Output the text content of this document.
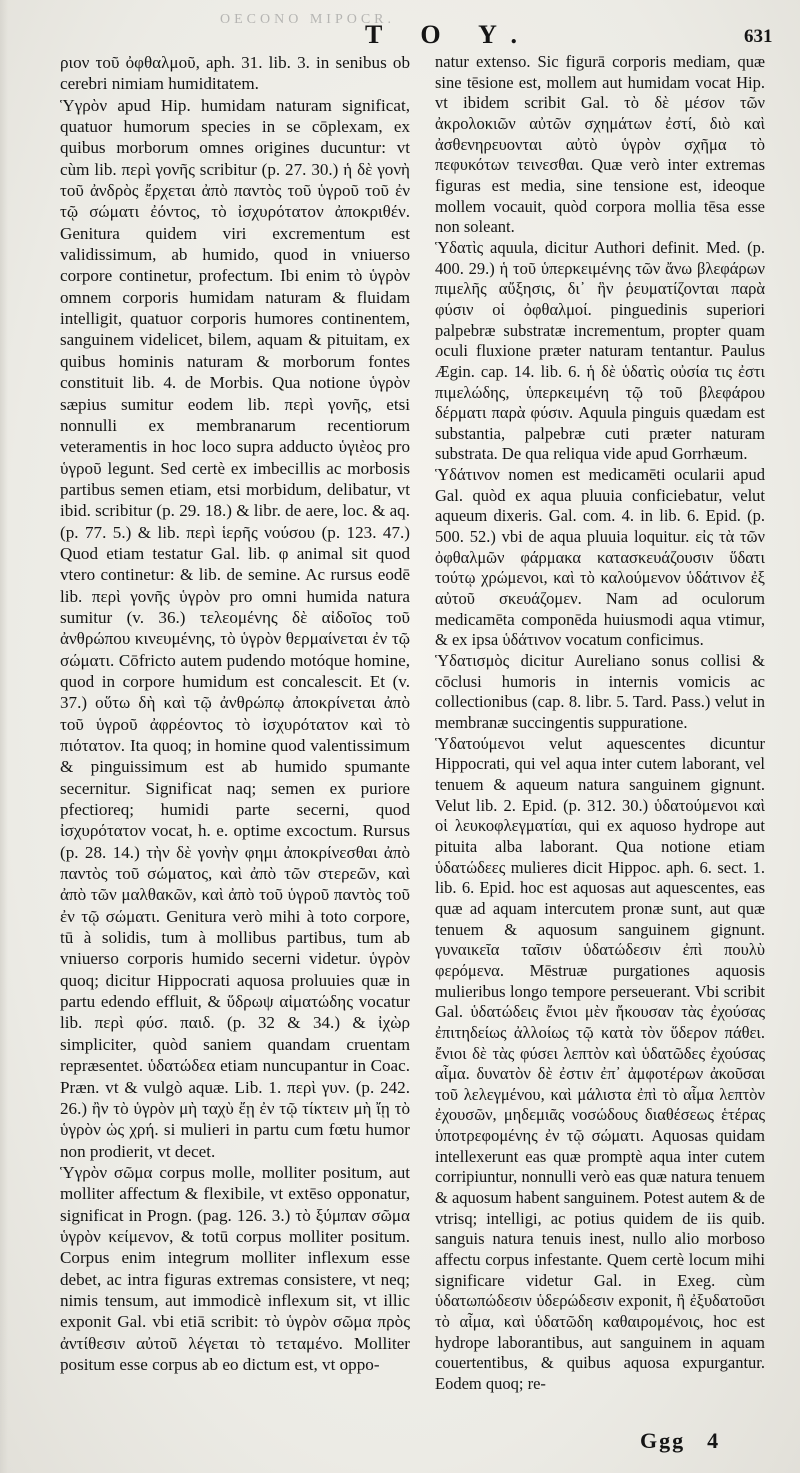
OECONO MIPOCR.
T O Y.	631

ριον τοῦ ὀφθαλμοῦ, aph. 31. lib. 3. in senibus ob cerebri nimiam humiditatem.

Ὑγρὸν apud Hip. humidam naturam significat, quatuor humorum species in se cōplexam, ex quibus morborum omnes origines ducuntur: vt cùm lib. περὶ γονῆς scribitur (p. 27. 30.) ἡ δὲ γονὴ τοῦ ἀνδρὸς ἔρχεται ἀπὸ παντὸς τοῦ ὑγροῦ τοῦ ἐν τῷ σώματι ἐόντος, τὸ ἰσχυρότατον ἀποκριθέν. Genitura quidem viri excrementum est validissimum, ab humido, quod in vniuerso corpore continetur, profectum. Ibi enim τὸ ὑγρὸν omnem corporis humidam naturam & fluidam intelligit, quatuor corporis humores continentem, sanguinem videlicet, bilem, aquam & pituitam, ex quibus hominis naturam & morborum fontes constituit lib. 4. de Morbis. Qua notione ὑγρὸν sæpius sumitur eodem lib. περὶ γονῆς, etsi nonnulli ex membranarum recentiorum veteramentis in hoc loco supra adducto ὑγιὲος pro ὑγροῦ legunt. Sed certè ex imbecillis ac morbosis partibus semen etiam, etsi morbidum, delibatur, vt ibid. scribitur (p. 29. 18.) & libr. de aere, loc. & aq. (p. 77. 5.) & lib. περὶ ἱερῆς νούσου (p. 123. 47.) Quod etiam testatur Gal. lib. φ animal sit quod vtero continetur: & lib. de semine. Ac rursus eodē lib. περὶ γονῆς ὑγρὸν pro omni humida natura sumitur (v. 36.) τελεομένης δὲ αἰδοῖος τοῦ ἀνθρώπου κινευμένης, τὸ ὑγρὸν θερμαίνεται ἐν τῷ σώματι. Cōfricto autem pudendo motóque homine, quod in corpore humidum est concalescit. Et (v. 37.) οὕτω δὴ καὶ τῷ ἀνθρώπῳ ἀποκρίνεται ἀπὸ τοῦ ὑγροῦ ἀφρέοντος τὸ ἰσχυρότατον καὶ τὸ πιότατον. Ita quoq; in homine quod valentissimum & pinguissimum est ab humido spumante secernitur. Significat naq; semen ex puriore pfectioreq; humidi parte secerni, quod ἰσχυρότατον vocat, h. e. optime excoctum. Rursus (p. 28. 14.) τὴν δὲ γονὴν φημι ἀποκρίνεσθαι ἀπὸ παντὸς τοῦ σώματος, καὶ ἀπὸ τῶν στερεῶν, καὶ ἀπὸ τῶν μαλθακῶν, καὶ ἀπὸ τοῦ ὑγροῦ παντὸς τοῦ ἐν τῷ σώματι. Genitura verò mihi à toto corpore, tū à solidis, tum à mollibus partibus, tum ab vniuerso corporis humido secerni videtur. ὑγρὸν quoq; dicitur Hippocrati aquosa proluuies quæ in partu edendo effluit, & ὕδρωψ αἱματώδης vocatur lib. περὶ φύσ. παιδ. (p. 32 & 34.) & ἰχὼρ simpliciter, quòd saniem quandam cruentam repræsentet. ὑδατώδεα etiam nuncupantur in Coac. Præn. vt & vulgò aquæ. Lib. 1. περὶ γυν. (p. 242. 26.) ἢν τὸ ὑγρὸν μὴ ταχὺ ἔῃ ἐν τῷ τίκτειν μὴ ἴῃ τὸ ὑγρὸν ὡς χρή. si mulieri in partu cum fœtu humor non prodierit, vt decet.

Ὑγρὸν σῶμα corpus molle, molliter positum, aut molliter affectum & flexibile, vt extēso opponatur, significat in Progn. (pag. 126. 3.) τὸ ξύμπαν σῶμα ὑγρὸν κείμενον, & totū corpus molliter positum. Corpus enim integrum molliter inflexum esse debet, ac intra figuras extremas consistere, vt neq; nimis tensum, aut immodicè inflexum sit, vt illic exponit Gal. vbi etiā scribit: τὸ ὑγρὸν σῶμα πρὸς ἀντίθεσιν αὐτοῦ λέγεται τὸ τεταμένο. Molliter positum esse corpus ab eo dictum est, vt oppo-

natur extenso. Sic figurā corporis mediam, quæ sine tēsione est, mollem aut humidam vocat Hip. vt ibidem scribit Gal. τὸ δὲ μέσον τῶν ἀκρολοκιῶν αὐτῶν σχημάτων ἐστί, διὸ καὶ ἀσθενηρευονται αὐτὸ ὑγρὸν σχῆμα τὸ πεφυκότων τεινεσθαι. Quæ verò inter extremas figuras est media, sine tensione est, ideoque mollem vocauit, quòd corpora mollia tēsa esse non soleant.

Ὑδατὶς aquula, dicitur Authori definit. Med. (p. 400. 29.) ἡ τοῦ ὑπερκειμένης τῶν ἄνω βλεφάρων πιμελῆς αὔξησις, δι᾽ ἣν ῥευματίζονται παρὰ φύσιν οἱ ὀφθαλμοί. pinguedinis superiori palpebræ substratæ incrementum, propter quam oculi fluxione præter naturam tentantur. Paulus Ægin. cap. 14. lib. 6. ἡ δὲ ὑδατὶς οὐσία τις ἐστι πιμελώδης, ὑπερκειμένη τῷ τοῦ βλεφάρου δέρματι παρὰ φύσιν. Aquula pinguis quædam est substantia, palpebræ cuti præter naturam substrata. De qua reliqua vide apud Gorrhæum.

Ὑδάτινον nomen est medicamēti ocularii apud Gal. quòd ex aqua pluuia conficiebatur, velut aqueum dixeris. Gal. com. 4. in lib. 6. Epid. (p. 500. 52.) vbi de aqua pluuia loquitur. εἰς τὰ τῶν ὀφθαλμῶν φάρμακα κατασκευάζουσιν ὕδατι τούτῳ χρώμενοι, καὶ τὸ καλούμενον ὑδάτινον ἐξ αὐτοῦ σκευάζομεν. Nam ad oculorum medicamēta componēda huiusmodi aqua vtimur, & ex ipsa ὑδάτινον vocatum conficimus.

Ὑδατισμὸς dicitur Aureliano sonus collisi & cōclusi humoris in internis vomicis ac collectionibus (cap. 8. libr. 5. Tard. Pass.) velut in membranæ succingentis suppuratione.

Ὑδατούμενοι velut aquescentes dicuntur Hippocrati, qui vel aqua inter cutem laborant, vel tenuem & aqueum natura sanguinem gignunt. Velut lib. 2. Epid. (p. 312. 30.) ὑδατούμενοι καὶ οἱ λευκοφλεγματίαι, qui ex aquoso hydrope aut pituita alba laborant. Qua notione etiam ὑδατώδεες mulieres dicit Hippoc. aph. 6. sect. 1. lib. 6. Epid. hoc est aquosas aut aquescentes, eas quæ ad aquam intercutem pronæ sunt, aut quæ tenuem & aquosum sanguinem gignunt. γυναικεῖα ταῖσιν ὑδατώδεσιν ἐπὶ πουλὺ φερόμενα. Mēstruæ purgationes aquosis mulieribus longo tempore perseuerant. Vbi scribit Gal. ὑδατώδεις ἔνιοι μὲν ἤκουσαν τὰς ἐχούσας ἐπιτηδείως ἀλλοίως τῷ κατὰ τὸν ὕδερον πάθει. ἔνιοι δὲ τὰς φύσει λεπτὸν καὶ ὑδατῶδες ἐχούσας αἷμα. δυνατὸν δὲ ἐστιν ἐπ᾽ ἀμφοτέρων ἀκοῦσαι τοῦ λελεγμένου, καὶ μάλιστα ἐπὶ τὸ αἷμα λεπτὸν ἐχουσῶν, μηδεμιᾶς νοσώδους διαθέσεως ἑτέρας ὑποτρεφομένης ἐν τῷ σώματι. Aquosas quidam intellexerunt eas quæ promptè aqua inter cutem corripiuntur, nonnulli verò eas quæ natura tenuem & aquosum habent sanguinem. Potest autem & de vtrisq; intelligi, ac potius quidem de iis quib. sanguis natura tenuis inest, nullo alio morboso affectu corpus infestante. Quem certè locum mihi significare videtur Gal. in Exeg. cùm ὑδατωπώδεσιν ὑδερώδεσιν exponit, ἢ ἐξυδατοῦσι τὸ αἷμα, καὶ ὑδατῶδη καθαιρομένοις, hoc est hydrope laborantibus, aut sanguinem in aquam couertentibus, & quibus aquosa expurgantur. Eodem quoq; re-

Ggg 4
